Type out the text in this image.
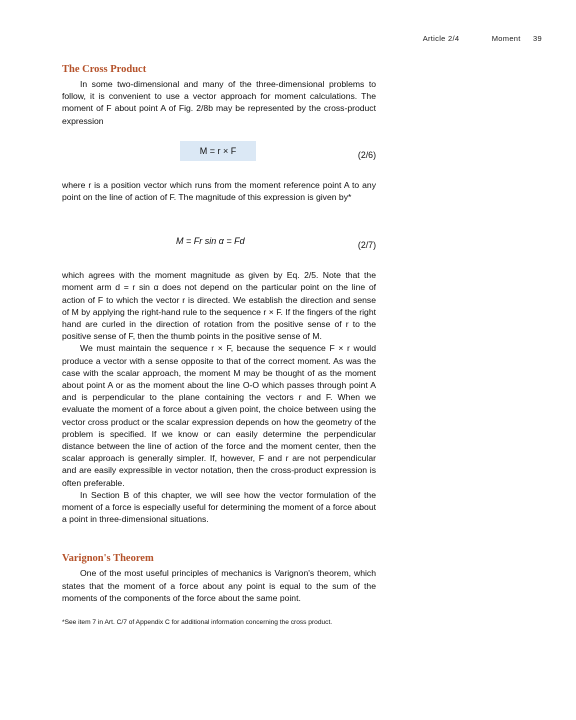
Article 2/4	Moment 39
The Cross Product

In some two-dimensional and many of the three-dimensional problems to follow, it is convenient to use a vector approach for moment calculations. The moment of F about point A of Fig. 2/8b may be represented by the cross-product expression

M = r × F	(2/6)

where r is a position vector which runs from the moment reference point A to any point on the line of action of F. The magnitude of this expression is given by*

M = Fr sin α = Fd	(2/7)

which agrees with the moment magnitude as given by Eq. 2/5. Note that the moment arm d = r sin α does not depend on the particular point on the line of action of F to which the vector r is directed. We establish the direction and sense of M by applying the right-hand rule to the sequence r × F. If the fingers of the right hand are curled in the direction of rotation from the positive sense of r to the positive sense of F, then the thumb points in the positive sense of M.

We must maintain the sequence r × F, because the sequence F × r would produce a vector with a sense opposite to that of the correct moment. As was the case with the scalar approach, the moment M may be thought of as the moment about point A or as the moment about the line O-O which passes through point A and is perpendicular to the plane containing the vectors r and F. When we evaluate the moment of a force about a given point, the choice between using the vector cross product or the scalar expression depends on how the geometry of the problem is specified. If we know or can easily determine the perpendicular distance between the line of action of the force and the moment center, then the scalar approach is generally simpler. If, however, F and r are not perpendicular and are easily expressible in vector notation, then the cross-product expression is often preferable.

In Section B of this chapter, we will see how the vector formulation of the moment of a force is especially useful for determining the moment of a force about a point in three-dimensional situations.

Varignon's Theorem

One of the most useful principles of mechanics is Varignon's theorem, which states that the moment of a force about any point is equal to the sum of the moments of the components of the force about the same point.

*See item 7 in Art. C/7 of Appendix C for additional information concerning the cross product.
